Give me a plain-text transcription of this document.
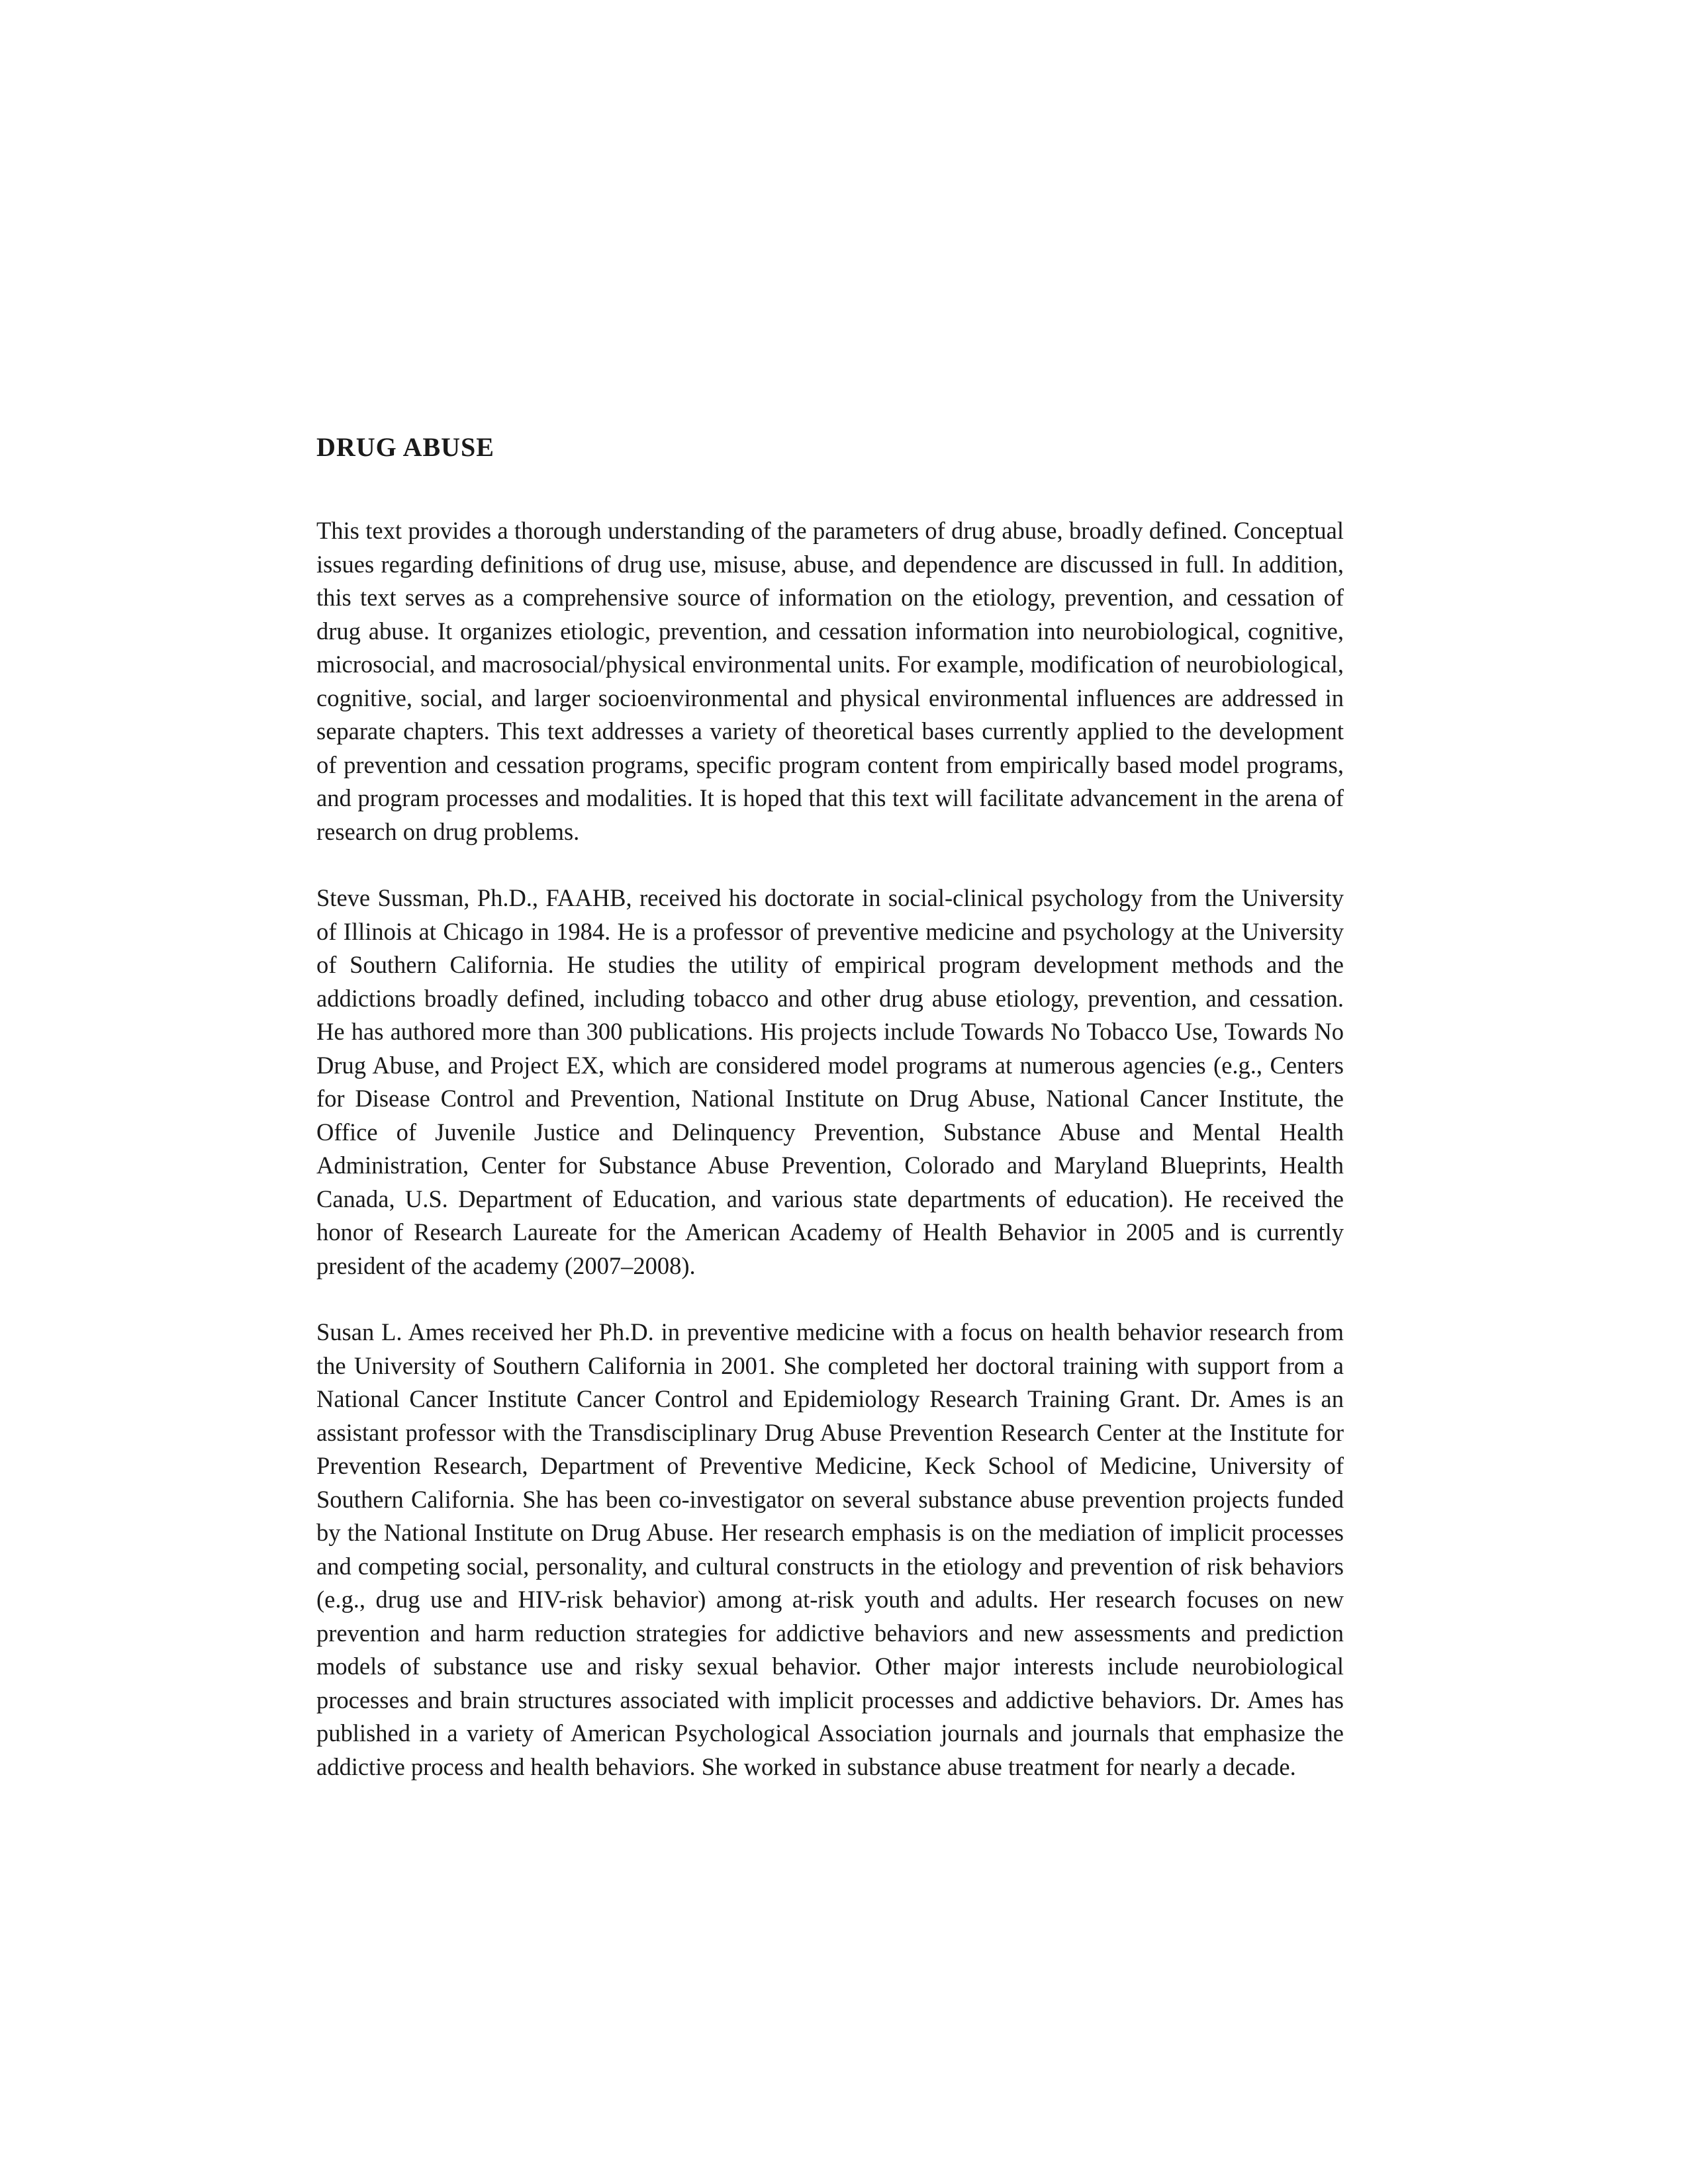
DRUG ABUSE

This text provides a thorough understanding of the parameters of drug abuse, broadly defined. Conceptual issues regarding definitions of drug use, misuse, abuse, and dependence are discussed in full. In addition, this text serves as a comprehensive source of information on the etiology, prevention, and cessation of drug abuse. It organizes etiologic, prevention, and cessation information into neurobiological, cognitive, microsocial, and macrosocial/physical environmental units. For example, modification of neurobiological, cognitive, social, and larger socioenvironmental and physical environmental influences are addressed in separate chapters. This text addresses a variety of theoretical bases currently applied to the development of prevention and cessation programs, specific program content from empirically based model programs, and program processes and modalities. It is hoped that this text will facilitate advancement in the arena of research on drug problems.

Steve Sussman, Ph.D., FAAHB, received his doctorate in social-clinical psychology from the University of Illinois at Chicago in 1984. He is a professor of preventive medicine and psychology at the University of Southern California. He studies the utility of empirical program development methods and the addictions broadly defined, including tobacco and other drug abuse etiology, prevention, and cessation. He has authored more than 300 publications. His projects include Towards No Tobacco Use, Towards No Drug Abuse, and Project EX, which are considered model programs at numerous agencies (e.g., Centers for Disease Control and Prevention, National Institute on Drug Abuse, National Cancer Institute, the Office of Juvenile Justice and Delinquency Prevention, Substance Abuse and Mental Health Administration, Center for Substance Abuse Prevention, Colorado and Maryland Blueprints, Health Canada, U.S. Department of Education, and various state departments of education). He received the honor of Research Laureate for the American Academy of Health Behavior in 2005 and is currently president of the academy (2007–2008).

Susan L. Ames received her Ph.D. in preventive medicine with a focus on health behavior research from the University of Southern California in 2001. She completed her doctoral training with support from a National Cancer Institute Cancer Control and Epidemiology Research Training Grant. Dr. Ames is an assistant professor with the Transdisciplinary Drug Abuse Prevention Research Center at the Institute for Prevention Research, Department of Preventive Medicine, Keck School of Medicine, University of Southern California. She has been co-investigator on several substance abuse prevention projects funded by the National Institute on Drug Abuse. Her research emphasis is on the mediation of implicit processes and competing social, personality, and cultural constructs in the etiology and prevention of risk behaviors (e.g., drug use and HIV-risk behavior) among at-risk youth and adults. Her research focuses on new prevention and harm reduction strategies for addictive behaviors and new assessments and prediction models of substance use and risky sexual behavior. Other major interests include neurobiological processes and brain structures associated with implicit processes and addictive behaviors. Dr. Ames has published in a variety of American Psychological Association journals and journals that emphasize the addictive process and health behaviors. She worked in substance abuse treatment for nearly a decade.
